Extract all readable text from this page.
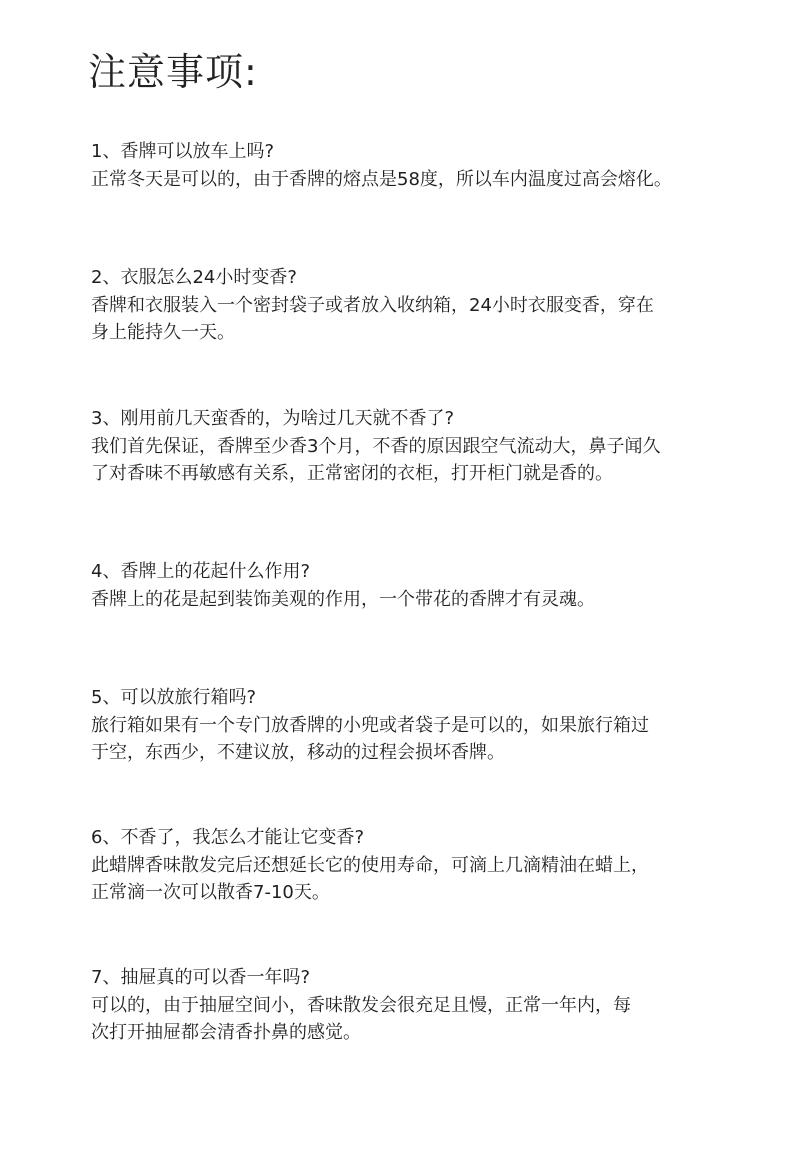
注意事项:

1、香牌可以放车上吗?

正常冬天是可以的，由于香牌的熔点是58度，所以车内温度过高会熔化。

2、衣服怎么24小时变香?

香牌和衣服装入一个密封袋子或者放入收纳箱，24小时衣服变香，穿在
身上能持久一天。

3、刚用前几天蛮香的，为啥过几天就不香了?

我们首先保证，香牌至少香3个月，不香的原因跟空气流动大，鼻子闻久
了对香味不再敏感有关系，正常密闭的衣柜，打开柜门就是香的。

4、香牌上的花起什么作用?

香牌上的花是起到装饰美观的作用，一个带花的香牌才有灵魂。

5、可以放旅行箱吗?

旅行箱如果有一个专门放香牌的小兜或者袋子是可以的，如果旅行箱过
于空，东西少，不建议放，移动的过程会损坏香牌。

6、不香了，我怎么才能让它变香?

此蜡牌香味散发完后还想延长它的使用寿命，可滴上几滴精油在蜡上，
正常滴一次可以散香7-10天。

7、抽屉真的可以香一年吗?

可以的，由于抽屉空间小，香味散发会很充足且慢，正常一年内，每
次打开抽屉都会清香扑鼻的感觉。
